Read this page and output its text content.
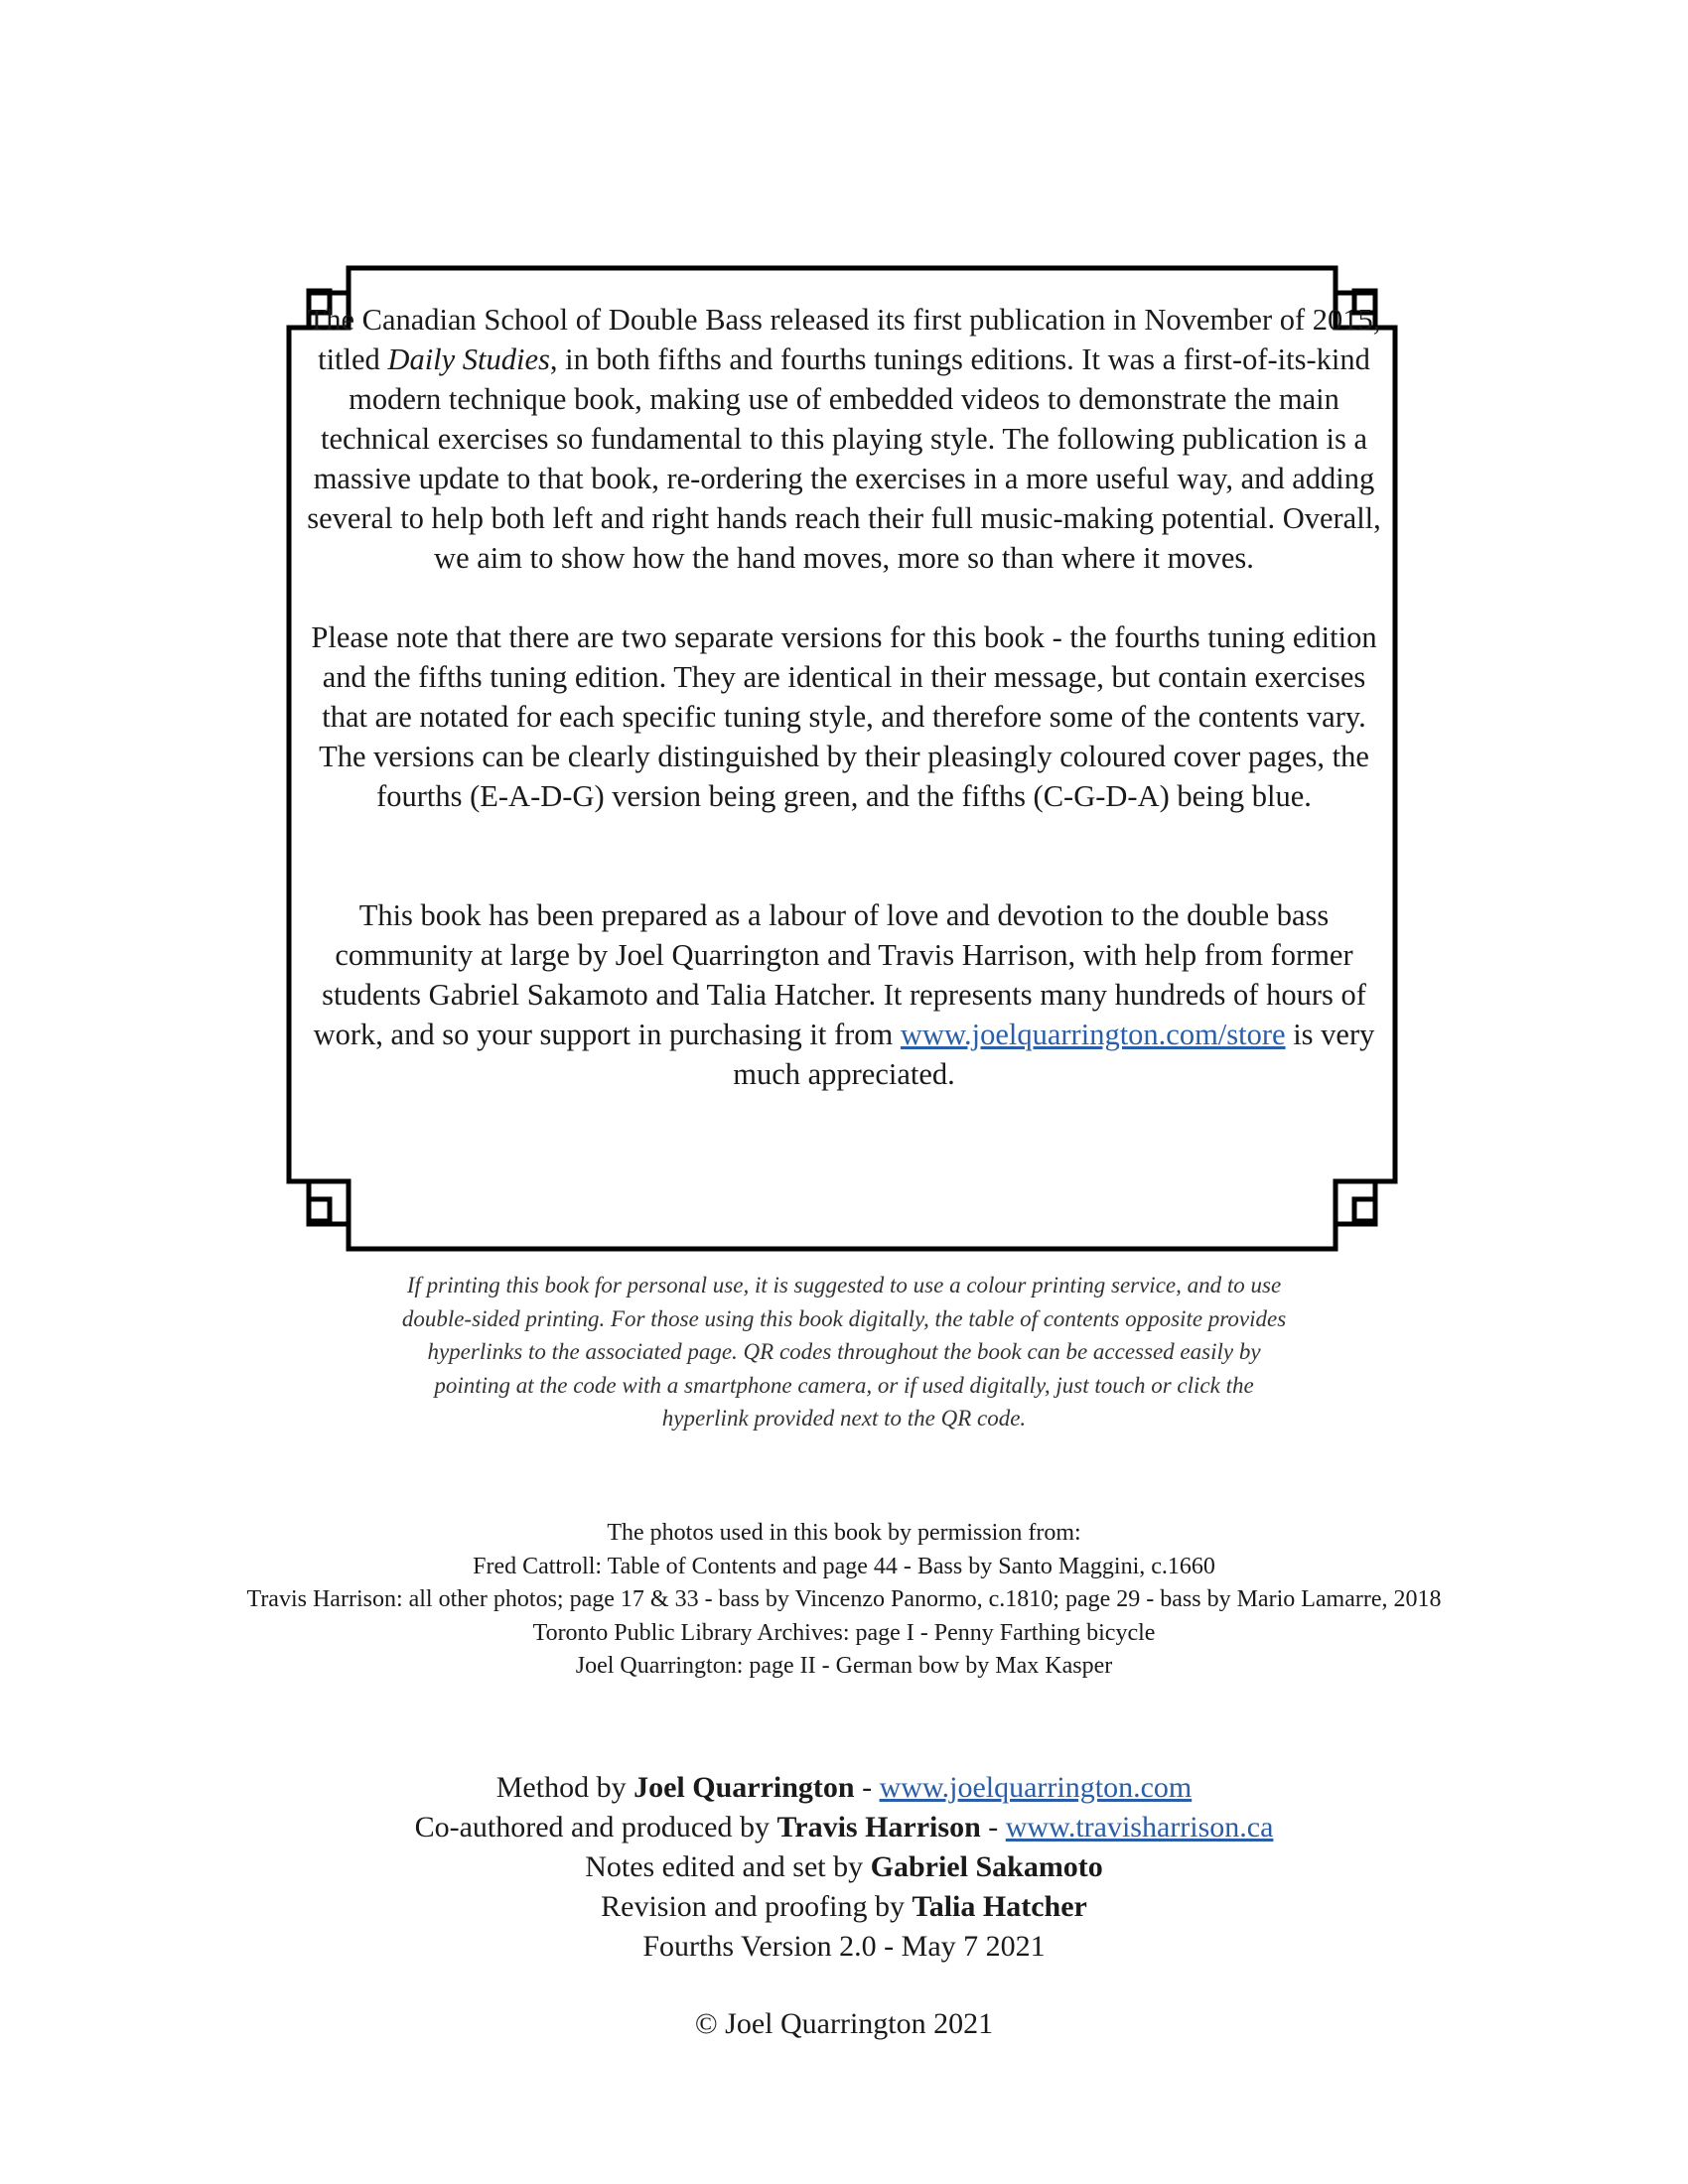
The Canadian School of Double Bass released its first publication in November of 2015, titled Daily Studies, in both fifths and fourths tunings editions. It was a first-of-its-kind modern technique book, making use of embedded videos to demonstrate the main technical exercises so fundamental to this playing style. The following publication is a massive update to that book, re-ordering the exercises in a more useful way, and adding several to help both left and right hands reach their full music-making potential. Overall, we aim to show how the hand moves, more so than where it moves.

Please note that there are two separate versions for this book - the fourths tuning edition and the fifths tuning edition. They are identical in their message, but contain exercises that are notated for each specific tuning style, and therefore some of the contents vary. The versions can be clearly distinguished by their pleasingly coloured cover pages, the fourths (E-A-D-G) version being green, and the fifths (C-G-D-A) being blue.

This book has been prepared as a labour of love and devotion to the double bass community at large by Joel Quarrington and Travis Harrison, with help from former students Gabriel Sakamoto and Talia Hatcher. It represents many hundreds of hours of work, and so your support in purchasing it from www.joelquarrington.com/store is very much appreciated.

If printing this book for personal use, it is suggested to use a colour printing service, and to use double-sided printing. For those using this book digitally, the table of contents opposite provides hyperlinks to the associated page. QR codes throughout the book can be accessed easily by pointing at the code with a smartphone camera, or if used digitally, just touch or click the hyperlink provided next to the QR code.
The photos used in this book by permission from:
Fred Cattroll: Table of Contents and page 44 - Bass by Santo Maggini, c.1660
Travis Harrison: all other photos; page 17 & 33 - bass by Vincenzo Panormo, c.1810; page 29 - bass by Mario Lamarre, 2018
Toronto Public Library Archives: page I - Penny Farthing bicycle
Joel Quarrington: page II - German bow by Max Kasper
Method by Joel Quarrington - www.joelquarrington.com
Co-authored and produced by Travis Harrison - www.travisharrison.ca
Notes edited and set by Gabriel Sakamoto
Revision and proofing by Talia Hatcher
Fourths Version 2.0 - May 7 2021
© Joel Quarrington 2021
